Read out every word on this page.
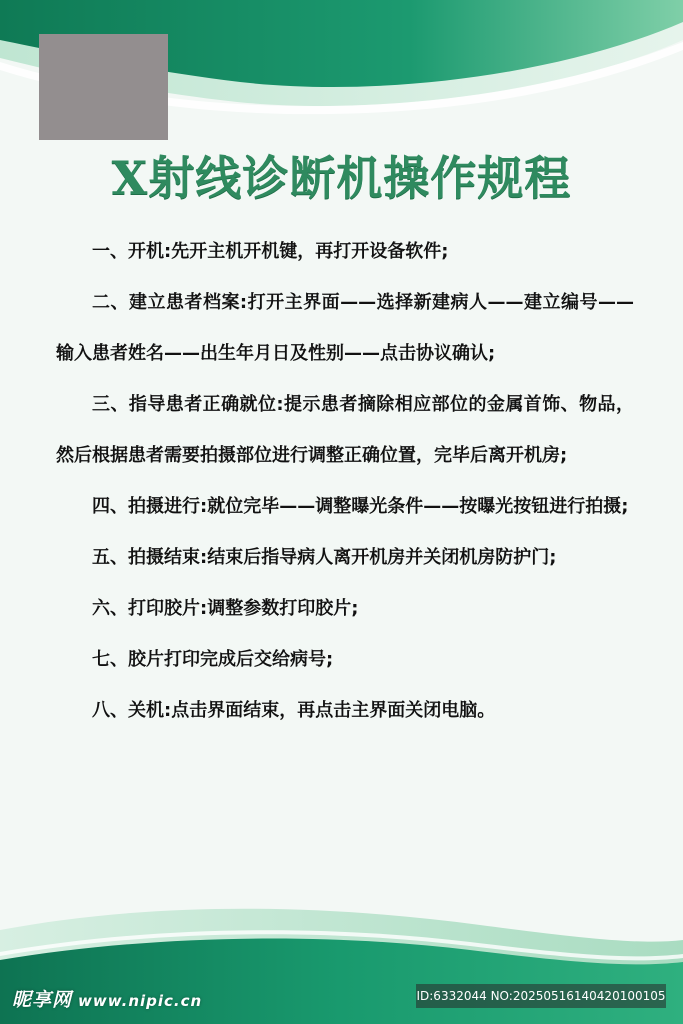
X射线诊断机操作规程

一、开机:先开主机开机键，再打开设备软件;

二、建立患者档案:打开主界面——选择新建病人——建立编号——输入患者姓名——出生年月日及性别——点击协议确认;

三、指导患者正确就位:提示患者摘除相应部位的金属首饰、物品，然后根据患者需要拍摄部位进行调整正确位置，完毕后离开机房;

四、拍摄进行:就位完毕——调整曝光条件——按曝光按钮进行拍摄;

五、拍摄结束:结束后指导病人离开机房并关闭机房防护门;

六、打印胶片:调整参数打印胶片;

七、胶片打印完成后交给病号;

八、关机:点击界面结束，再点击主界面关闭电脑。

昵享网 www.nipic.cn	ID:6332044 NO:20250516140420100105
